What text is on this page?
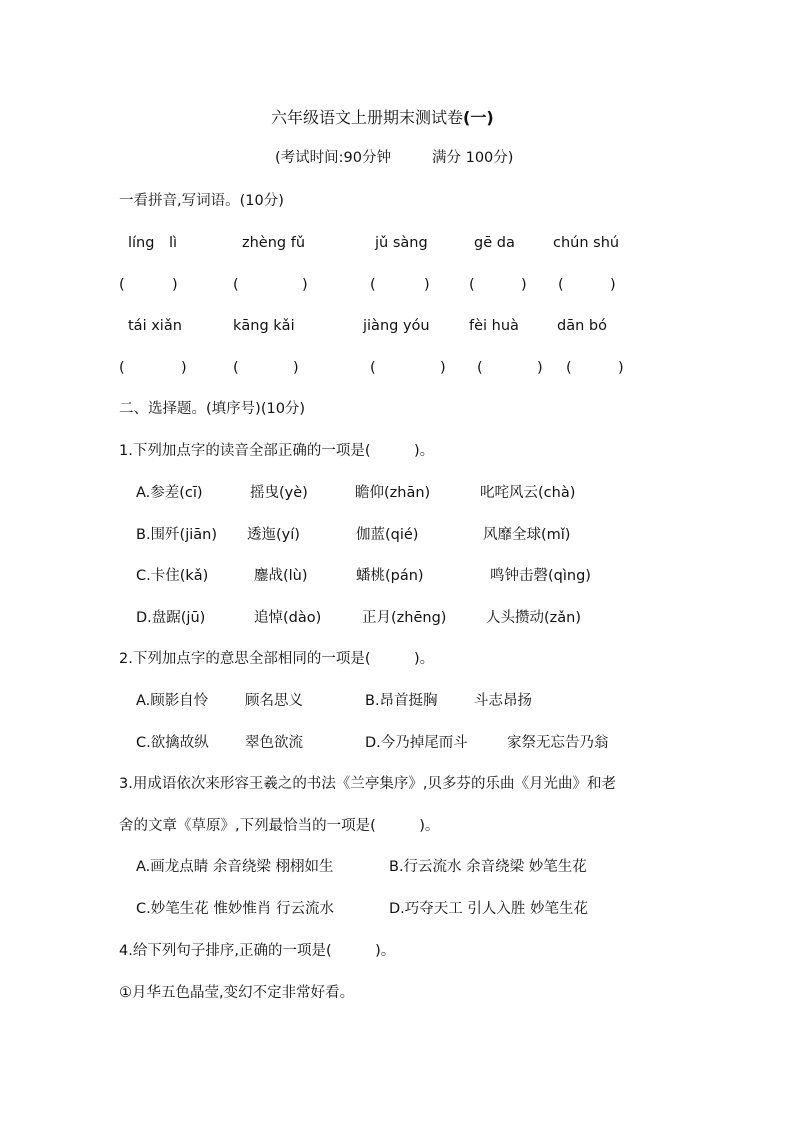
六年级语文上册期末测试卷(一)
(考试时间:90分钟	满分 100分)
一看拼音,写词语。(10分)
líng　lì	zhèng fǔ	jǔ sàng	gē da	chún shú
(	)	(	)	(	)	(	) (	)
tái xiǎn	kāng kǎi	jiàng yóu	fèi huà	dān bó
(	)	(	)	(	) (	) (	)
二、选择题。(填序号)(10分)
1.下列加点字的读音全部正确的一项是(　　　)。
A.参差(cī)	摇曳(yè)	瞻仰(zhān)	叱咤风云(chà)
B.围歼(jiān) 透迤(yí)	伽蓝(qié)	风靡全球(mǐ)
C.卡住(kǎ)	鏖战(lù)	蟠桃(pán)	鸣钟击磬(qìng)
D.盘踞(jū)	追悼(dào)	正月(zhēng)	人头攒动(zǎn)
2.下列加点字的意思全部相同的一项是(　　　)。
A.顾影自怜	顾名思义	B.昂首挺胸	斗志昂扬
C.欲擒故纵	翠色欲流	D.今乃掉尾而斗	家祭无忘告乃翁
3.用成语依次来形容王羲之的书法《兰亭集序》,贝多芬的乐曲《月光曲》和老
舍的文章《草原》,下列最恰当的一项是(　　　)。
A.画龙点睛 余音绕梁 栩栩如生	B.行云流水 余音绕梁 妙笔生花
C.妙笔生花 惟妙惟肖 行云流水	D.巧夺天工 引人入胜 妙笔生花
4.给下列句子排序,正确的一项是(　　　)。
①月华五色晶莹,变幻不定非常好看。
